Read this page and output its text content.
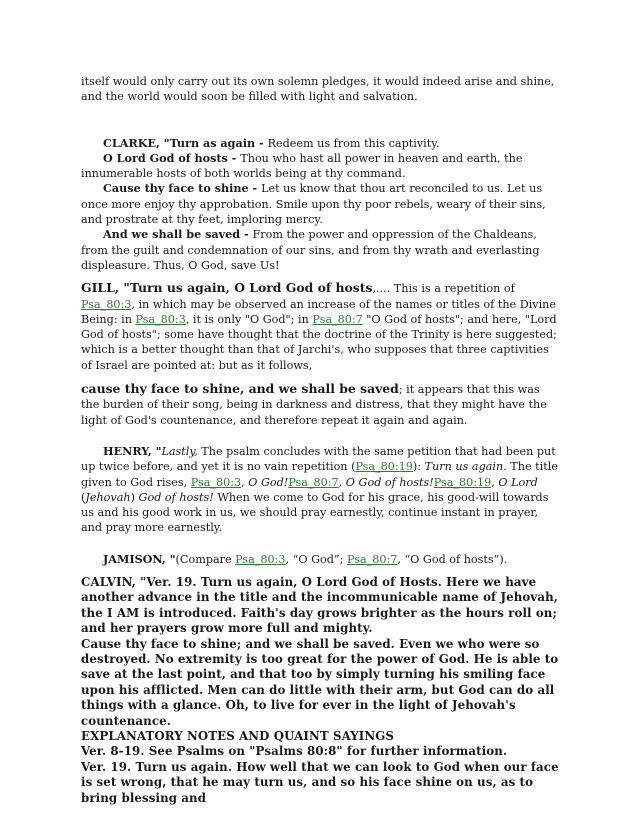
itself would only carry out its own solemn pledges, it would indeed arise and shine, and the world would soon be filled with light and salvation.

CLARKE, "Turn as again - Redeem us from this captivity.

O Lord God of hosts - Thou who hast all power in heaven and earth, the innumerable hosts of both worlds being at thy command.

Cause thy face to shine - Let us know that thou art reconciled to us. Let us once more enjoy thy approbation. Smile upon thy poor rebels, weary of their sins, and prostrate at thy feet, imploring mercy.

And we shall be saved - From the power and oppression of the Chaldeans, from the guilt and condemnation of our sins, and from thy wrath and everlasting displeasure. Thus, O God, save Us!

GILL, "Turn us again, O Lord God of hosts,.... This is a repetition of Psa_80:3, in which may be observed an increase of the names or titles of the Divine Being: in Psa_80:3, it is only "O God"; in Psa_80:7 "O God of hosts"; and here, "Lord God of hosts"; some have thought that the doctrine of the Trinity is here suggested; which is a better thought than that of Jarchi's, who supposes that three captivities of Israel are pointed at: but as it follows,

cause thy face to shine, and we shall be saved; it appears that this was the burden of their song, being in darkness and distress, that they might have the light of God's countenance, and therefore repeat it again and again.

HENRY, "Lastly, The psalm concludes with the same petition that had been put up twice before, and yet it is no vain repetition (Psa_80:19): Turn us again. The title given to God rises, Psa_80:3, O God!Psa_80:7, O God of hosts!Psa_80:19, O Lord (Jehovah) God of hosts! When we come to God for his grace, his good-will towards us and his good work in us, we should pray earnestly, continue instant in prayer, and pray more earnestly.

JAMISON, "(Compare Psa_80:3, “O God”; Psa_80:7, “O God of hosts”).

CALVIN, "Ver. 19. Turn us again, O Lord God of Hosts. Here we have another advance in the title and the incommunicable name of Jehovah, the I AM is introduced. Faith's day grows brighter as the hours roll on; and her prayers grow more full and mighty.
Cause thy face to shine; and we shall be saved. Even we who were so destroyed. No extremity is too great for the power of God. He is able to save at the last point, and that too by simply turning his smiling face upon his afflicted. Men can do little with their arm, but God can do all things with a glance. Oh, to live for ever in the light of Jehovah's countenance.
EXPLANATORY NOTES AND QUAINT SAYINGS
Ver. 8-19. See Psalms on "Psalms 80:8" for further information.
Ver. 19. Turn us again. How well that we can look to God when our face is set wrong, that he may turn us, and so his face shine on us, as to bring blessing and
